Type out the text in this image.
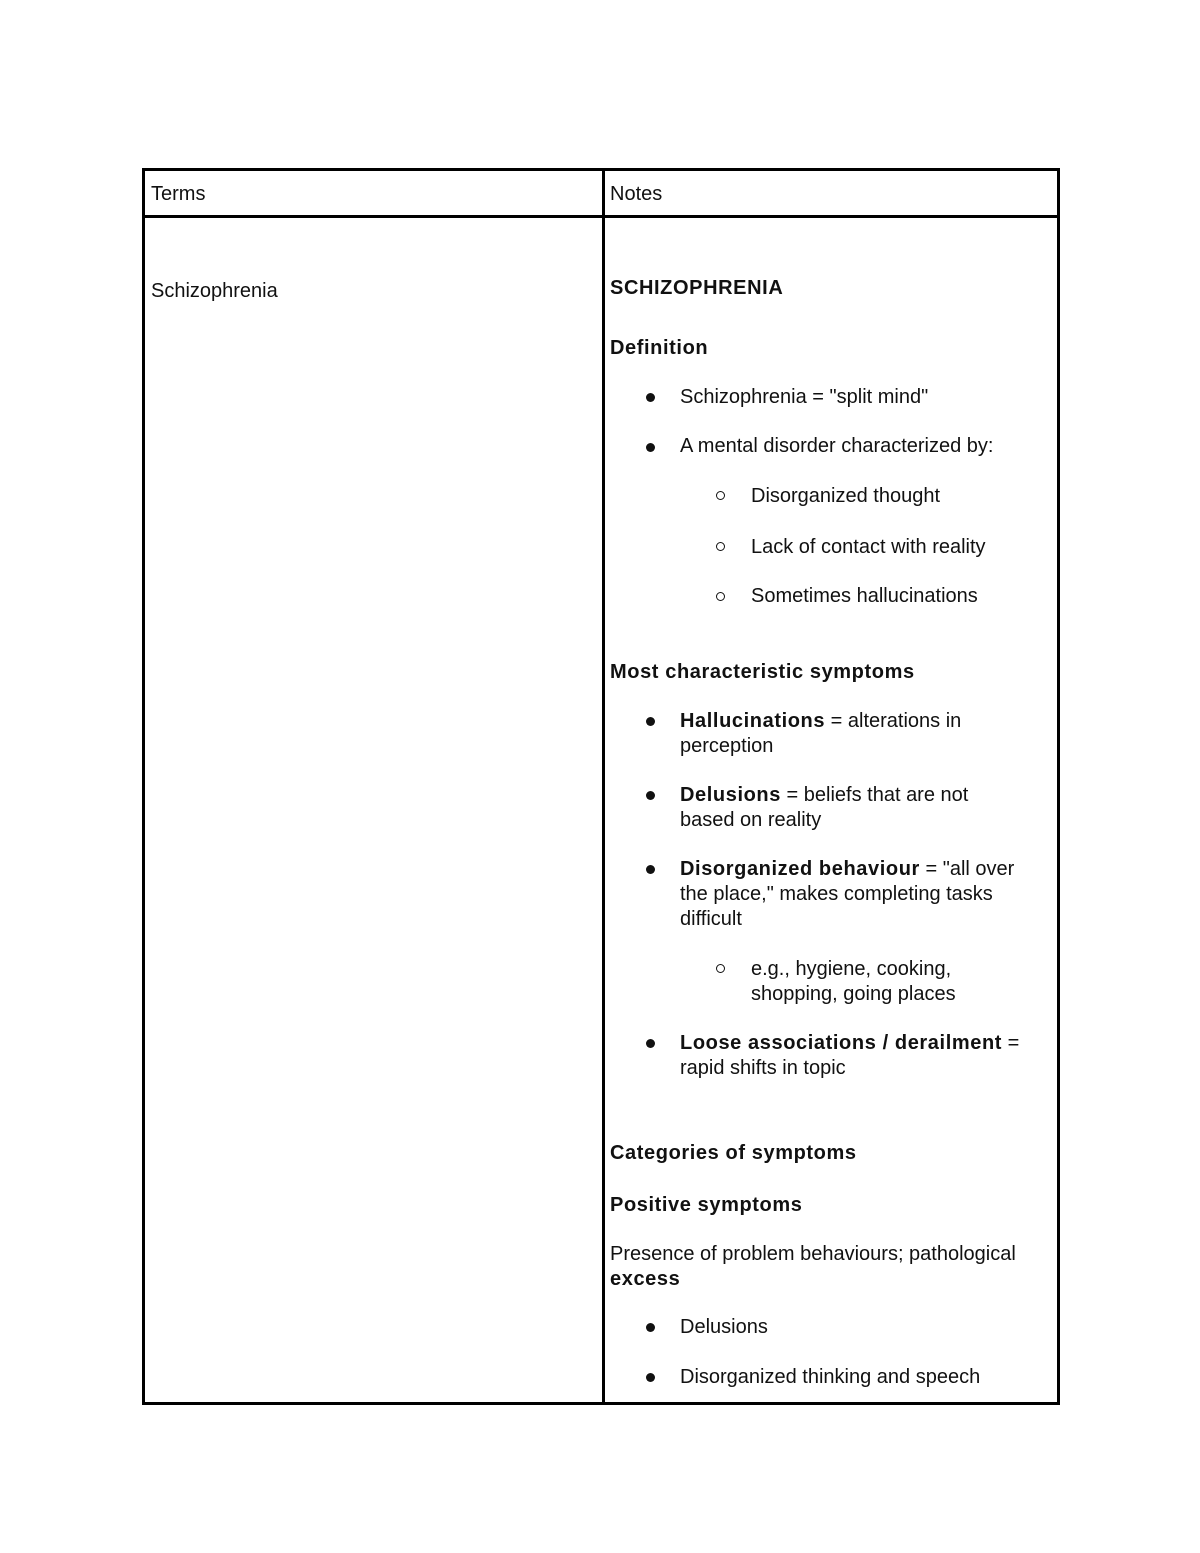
Terms	Notes
Schizophrenia	SCHIZOPHRENIA
Definition
Schizophrenia = "split mind"
A mental disorder characterized by:
Disorganized thought
Lack of contact with reality
Sometimes hallucinations
Most characteristic symptoms
Hallucinations = alterations in perception
Delusions = beliefs that are not based on reality
Disorganized behaviour = "all over the place," makes completing tasks difficult
e.g., hygiene, cooking, shopping, going places
Loose associations / derailment = rapid shifts in topic
Categories of symptoms
Positive symptoms
Presence of problem behaviours; pathological excess
Delusions
Disorganized thinking and speech
